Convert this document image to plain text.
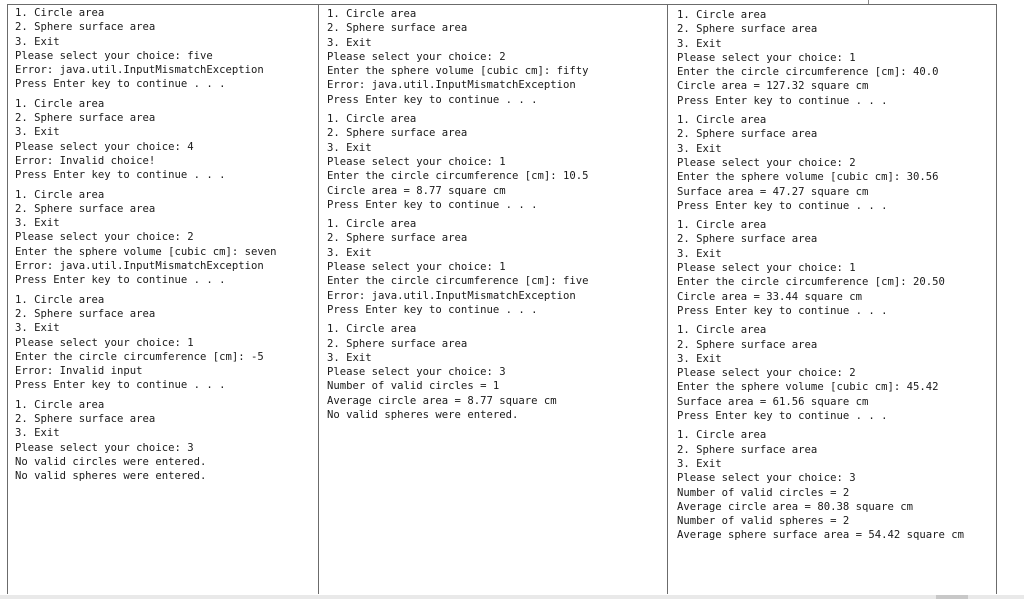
1. Circle area
2. Sphere surface area
3. Exit
Please select your choice: five
Error: java.util.InputMismatchException
Press Enter key to continue . . .
1. Circle area
2. Sphere surface area
3. Exit
Please select your choice: 4
Error: Invalid choice!
Press Enter key to continue . . .
1. Circle area
2. Sphere surface area
3. Exit
Please select your choice: 2
Enter the sphere volume [cubic cm]: seven
Error: java.util.InputMismatchException
Press Enter key to continue . . .
1. Circle area
2. Sphere surface area
3. Exit
Please select your choice: 1
Enter the circle circumference [cm]: -5
Error: Invalid input
Press Enter key to continue . . .
1. Circle area
2. Sphere surface area
3. Exit
Please select your choice: 3
No valid circles were entered.
No valid spheres were entered.
1. Circle area
2. Sphere surface area
3. Exit
Please select your choice: 2
Enter the sphere volume [cubic cm]: fifty
Error: java.util.InputMismatchException
Press Enter key to continue . . .
1. Circle area
2. Sphere surface area
3. Exit
Please select your choice: 1
Enter the circle circumference [cm]: 10.5
Circle area = 8.77 square cm
Press Enter key to continue . . .
1. Circle area
2. Sphere surface area
3. Exit
Please select your choice: 1
Enter the circle circumference [cm]: five
Error: java.util.InputMismatchException
Press Enter key to continue . . .
1. Circle area
2. Sphere surface area
3. Exit
Please select your choice: 3
Number of valid circles = 1
Average circle area = 8.77 square cm
No valid spheres were entered.
1. Circle area
2. Sphere surface area
3. Exit
Please select your choice: 1
Enter the circle circumference [cm]: 40.0
Circle area = 127.32 square cm
Press Enter key to continue . . .
1. Circle area
2. Sphere surface area
3. Exit
Please select your choice: 2
Enter the sphere volume [cubic cm]: 30.56
Surface area = 47.27 square cm
Press Enter key to continue . . .
1. Circle area
2. Sphere surface area
3. Exit
Please select your choice: 1
Enter the circle circumference [cm]: 20.50
Circle area = 33.44 square cm
Press Enter key to continue . . .
1. Circle area
2. Sphere surface area
3. Exit
Please select your choice: 2
Enter the sphere volume [cubic cm]: 45.42
Surface area = 61.56 square cm
Press Enter key to continue . . .
1. Circle area
2. Sphere surface area
3. Exit
Please select your choice: 3
Number of valid circles = 2
Average circle area = 80.38 square cm
Number of valid spheres = 2
Average sphere surface area = 54.42 square cm
